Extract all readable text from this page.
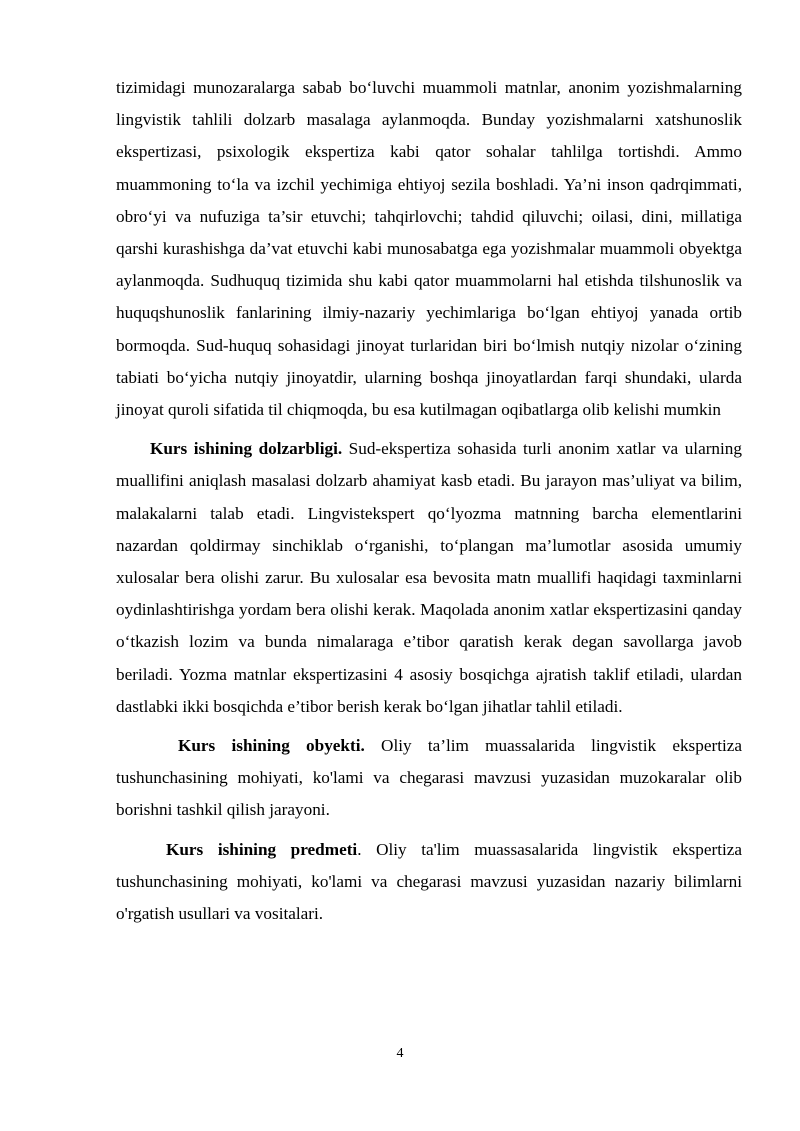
tizimidagi munozaralarga sabab bo‘luvchi muammoli matnlar, anonim yozishmalarning lingvistik tahlili dolzarb masalaga aylanmoqda. Bunday yozishmalarni xatshunoslik ekspertizasi, psixologik ekspertiza kabi qator sohalar tahlilga tortishdi. Ammo muammoning to‘la va izchil yechimiga ehtiyoj sezila boshladi. Ya’ni inson qadrqimmati, obro‘yi va nufuziga ta’sir etuvchi; tahqirlovchi; tahdid qiluvchi; oilasi, dini, millatiga qarshi kurashishga da’vat etuvchi kabi munosabatga ega yozishmalar muammoli obyektga aylanmoqda. Sudhuquq tizimida shu kabi qator muammolarni hal etishda tilshunoslik va huquqshunoslik fanlarining ilmiy-nazariy yechimlariga bo‘lgan ehtiyoj yanada ortib bormoqda. Sud-huquq sohasidagi jinoyat turlaridan biri bo‘lmish nutqiy nizolar o‘zining tabiati bo‘yicha nutqiy jinoyatdir, ularning boshqa jinoyatlardan farqi shundaki, ularda jinoyat quroli sifatida til chiqmoqda, bu esa kutilmagan oqibatlarga olib kelishi mumkin

Kurs ishining dolzarbligi. Sud-ekspertiza sohasida turli anonim xatlar va ularning muallifini aniqlash masalasi dolzarb ahamiyat kasb etadi. Bu jarayon mas’uliyat va bilim, malakalarni talab etadi. Lingvistekspert qo‘lyozma matnning barcha elementlarini nazardan qoldirmay sinchiklab o‘rganishi, to‘plangan ma’lumotlar asosida umumiy xulosalar bera olishi zarur. Bu xulosalar esa bevosita matn muallifi haqidagi taxminlarni oydinlashtirishga yordam bera olishi kerak. Maqolada anonim xatlar ekspertizasini qanday o‘tkazish lozim va bunda nimalaraga e’tibor qaratish kerak degan savollarga javob beriladi. Yozma matnlar ekspertizasini 4 asosiy bosqichga ajratish taklif etiladi, ulardan dastlabki ikki bosqichda e’tibor berish kerak bo‘lgan jihatlar tahlil etiladi.

Kurs ishining obyekti. Oliy ta’lim muassalarida lingvistik ekspertiza tushunchasining mohiyati, ko'lami va chegarasi mavzusi yuzasidan muzokaralar olib borishni tashkil qilish jarayoni.

Kurs ishining predmeti. Oliy ta'lim muassasalarida lingvistik ekspertiza tushunchasining mohiyati, ko'lami va chegarasi mavzusi yuzasidan nazariy bilimlarni o'rgatish usullari va vositalari.

4
